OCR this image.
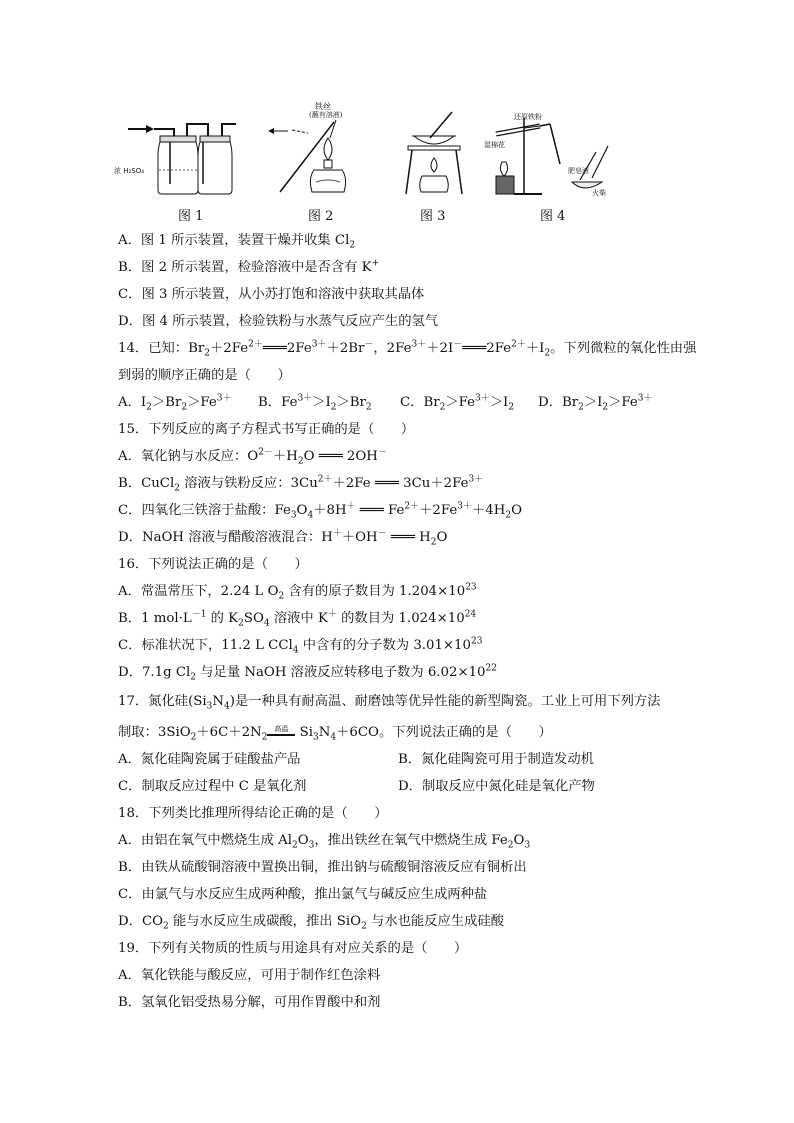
浓 H₂SO₄
图 1
铁丝
(蘸有溶液)
图 2	图 3
还原铁粉
湿棉花
肥皂液
火柴
图 4
A．图 1 所示装置，装置干燥并收集 $Cl_2$
B．图 2 所示装置，检验溶液中是否含有 K+
C．图 3 所示装置，从小苏打饱和溶液中获取其晶体
D．图 4 所示装置，检验铁粉与水蒸气反应产生的氢气
14．已知：$Br_2+2Fe^{2+}═══2Fe^{3+}+2Br^-$，$2Fe^{3+}+2I^-═══2Fe^{2+}+I_2$。下列微粒的氧化性由强
到弱的顺序正确的是（　　）
A．$I_2>Br_2>Fe^{3+}$ B．$Fe^{3+}>I_2>Br_2$ C．$Br_2>Fe^{3+}>I_2$ D．$Br_2>I_2>Fe^{3+}$
15．下列反应的离子方程式书写正确的是（　　）
A．氧化钠与水反应：$O^{2-}+H_2O$ ═══ 2OH－
B．CuCl$_2$ 溶液与铁粉反应：$3Cu^{2+}+2Fe$ ═══ $3Cu+2Fe^{3+}$
C．四氧化三铁溶于盐酸：$Fe_3O_4+8H^+$ ═══ $Fe^{2+}+2Fe^{3+}+4H_2O$
D．NaOH 溶液与醋酸溶液混合：H＋＋OH－ ═══ $H_2O$
16．下列说法正确的是（　　）
A．常温常压下，2.24 L $O_2$ 含有的原子数目为 $1.204\times 10^{23}$
B．1 $mol\cdot L^{-1}$ 的 $K_2SO_4$ 溶液中 K＋ 的数目为 $1.024\times 10^{24}$
C．标准状况下，11.2 L CCl$_4$ 中含有的分子数为 $3.01\times 10^{23}$
D．7.1g $Cl_2$ 与足量 NaOH 溶液反应转移电子数为 $6.02\times 10^{22}$
17．氮化硅$(Si_3N_4)$是一种具有耐高温、耐磨蚀等优异性能的新型陶瓷。工业上可用下列方法
制取：$3SiO_2+6C+2N_2$
高温 $Si_3N_4+6CO$。下列说法正确的是（　　）
A．氮化硅陶瓷属于硅酸盐产品	B．氮化硅陶瓷可用于制造发动机
C．制取反应过程中 C 是氧化剂	D．制取反应中氮化硅是氧化产物
18．下列类比推理所得结论正确的是（　　）
A．由铝在氧气中燃烧生成 $Al_2O_3$，推出铁丝在氧气中燃烧生成 $Fe_2O_3$
B．由铁从硫酸铜溶液中置换出铜，推出钠与硫酸铜溶液反应有铜析出
C．由氯气与水反应生成两种酸，推出氯气与碱反应生成两种盐
D．$CO_2$ 能与水反应生成碳酸，推出 SiO$_2$ 与水也能反应生成硅酸
19．下列有关物质的性质与用途具有对应关系的是（　　）
A．氧化铁能与酸反应，可用于制作红色涂料
B．氢氧化铝受热易分解，可用作胃酸中和剂
